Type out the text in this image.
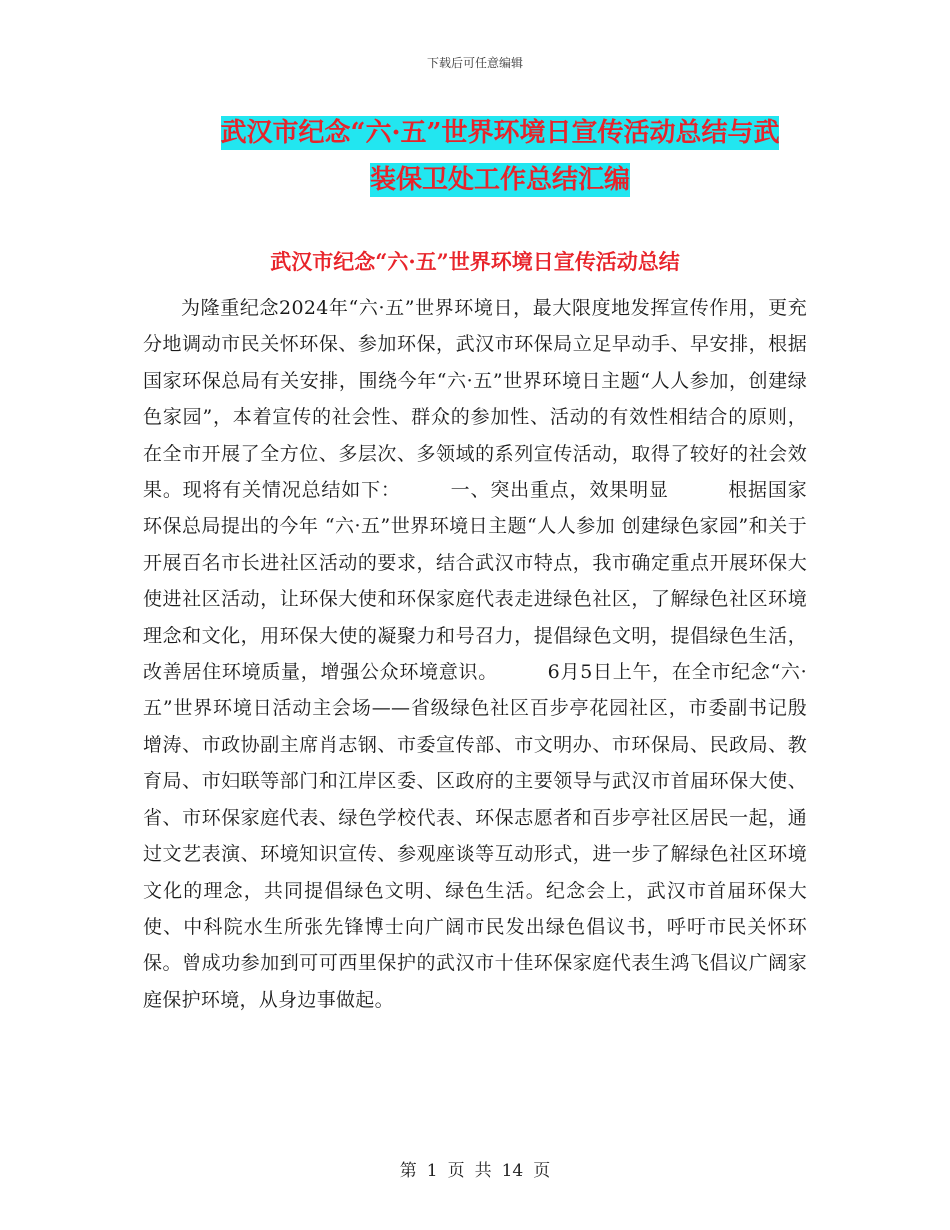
下载后可任意编辑
武汉市纪念“六·五”世界环境日宣传活动总结与武
装保卫处工作总结汇编
武汉市纪念“六·五”世界环境日宣传活动总结

为隆重纪念2024年“六·五”世界环境日，最大限度地发挥宣传作用，更充分地调动市民关怀环保、参加环保，武汉市环保局立足早动手、早安排，根据国家环保总局有关安排，围绕今年“六·五”世界环境日主题“人人参加，创建绿色家园”，本着宣传的社会性、群众的参加性、活动的有效性相结合的原则，在全市开展了全方位、多层次、多领域的系列宣传活动，取得了较好的社会效果。现将有关情况总结如下：　　　一、突出重点，效果明显　　　根据国家环保总局提出的今年 “六·五”世界环境日主题“人人参加 创建绿色家园”和关于开展百名市长进社区活动的要求，结合武汉市特点，我市确定重点开展环保大使进社区活动，让环保大使和环保家庭代表走进绿色社区，了解绿色社区环境理念和文化，用环保大使的凝聚力和号召力，提倡绿色文明，提倡绿色生活，改善居住环境质量，增强公众环境意识。　　　6月5日上午，在全市纪念“六·五”世界环境日活动主会场——省级绿色社区百步亭花园社区，市委副书记殷增涛、市政协副主席肖志钢、市委宣传部、市文明办、市环保局、民政局、教育局、市妇联等部门和江岸区委、区政府的主要领导与武汉市首届环保大使、省、市环保家庭代表、绿色学校代表、环保志愿者和百步亭社区居民一起，通过文艺表演、环境知识宣传、参观座谈等互动形式，进一步了解绿色社区环境文化的理念，共同提倡绿色文明、绿色生活。纪念会上，武汉市首届环保大使、中科院水生所张先锋博士向广阔市民发出绿色倡议书，呼吁市民关怀环保。曾成功参加到可可西里保护的武汉市十佳环保家庭代表生鸿飞倡议广阔家庭保护环境，从身边事做起。

第 1 页 共 14 页
